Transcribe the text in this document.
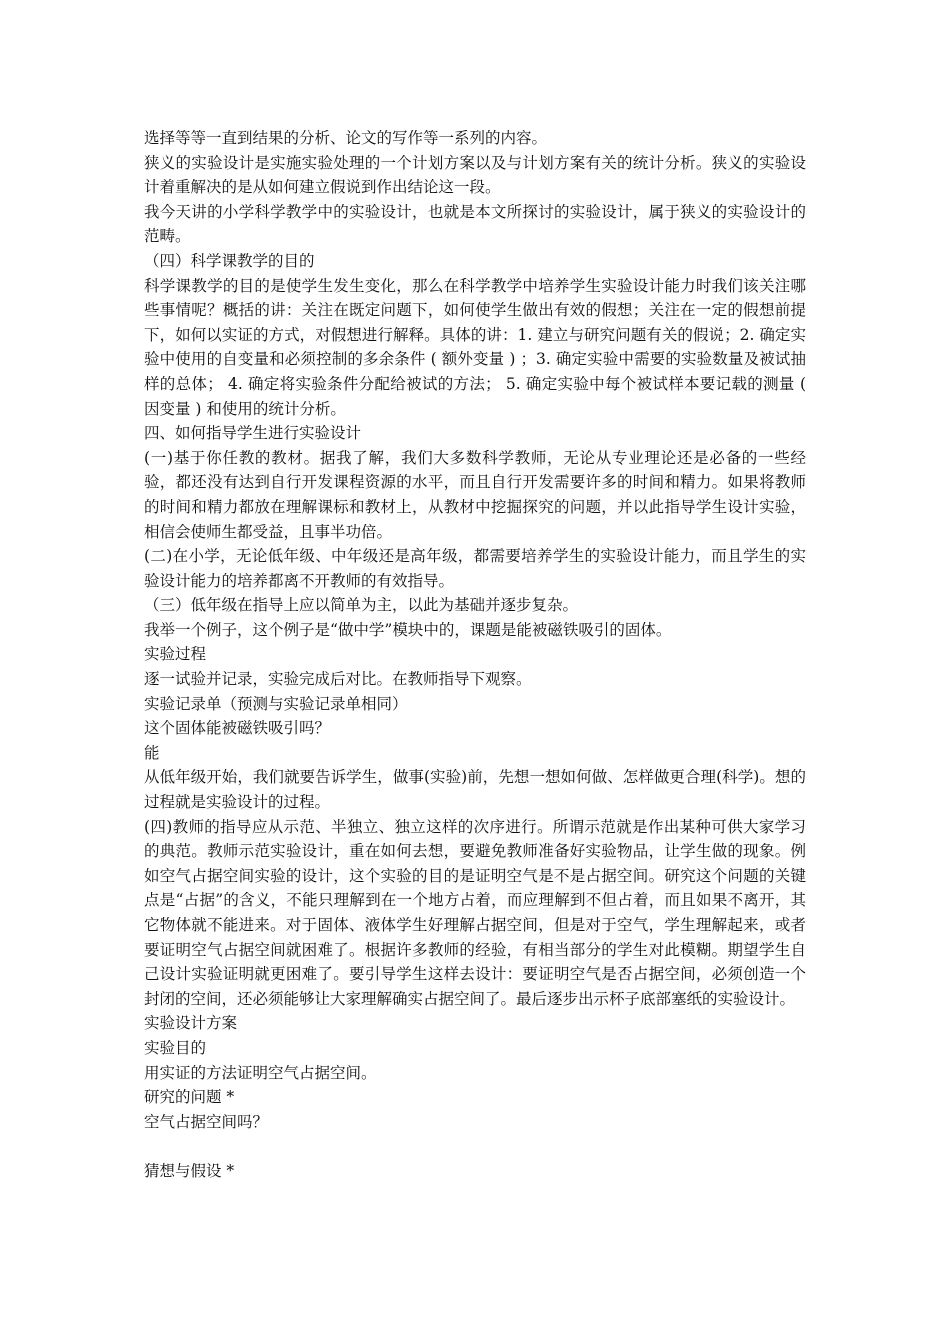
选择等等一直到结果的分析、论文的写作等一系列的内容。

狭义的实验设计是实施实验处理的一个计划方案以及与计划方案有关的统计分析。狭义的实验设计着重解决的是从如何建立假说到作出结论这一段。

我今天讲的小学科学教学中的实验设计，也就是本文所探讨的实验设计，属于狭义的实验设计的范畴。

（四）科学课教学的目的

科学课教学的目的是使学生发生变化，那么在科学教学中培养学生实验设计能力时我们该关注哪些事情呢？概括的讲：关注在既定问题下，如何使学生做出有效的假想；关注在一定的假想前提下，如何以实证的方式，对假想进行解释。具体的讲：1. 建立与研究问题有关的假说；2. 确定实验中使用的自变量和必须控制的多余条件 ( 额外变量 ) ；3. 确定实验中需要的实验数量及被试抽样的总体； 4. 确定将实验条件分配给被试的方法； 5. 确定实验中每个被试样本要记载的测量 ( 因变量 ) 和使用的统计分析。

四、如何指导学生进行实验设计

(一)基于你任教的教材。据我了解，我们大多数科学教师，无论从专业理论还是必备的一些经验，都还没有达到自行开发课程资源的水平，而且自行开发需要许多的时间和精力。如果将教师的时间和精力都放在理解课标和教材上，从教材中挖掘探究的问题，并以此指导学生设计实验，相信会使师生都受益，且事半功倍。

(二)在小学，无论低年级、中年级还是高年级，都需要培养学生的实验设计能力，而且学生的实验设计能力的培养都离不开教师的有效指导。

（三）低年级在指导上应以简单为主，以此为基础并逐步复杂。

我举一个例子，这个例子是“做中学”模块中的，课题是能被磁铁吸引的固体。

实验过程

逐一试验并记录，实验完成后对比。在教师指导下观察。

实验记录单（预测与实验记录单相同）

这个固体能被磁铁吸引吗？

能

从低年级开始，我们就要告诉学生，做事(实验)前，先想一想如何做、怎样做更合理(科学)。想的过程就是实验设计的过程。

(四)教师的指导应从示范、半独立、独立这样的次序进行。所谓示范就是作出某种可供大家学习的典范。教师示范实验设计，重在如何去想，要避免教师准备好实验物品，让学生做的现象。例如空气占据空间实验的设计，这个实验的目的是证明空气是不是占据空间。研究这个问题的关键点是“占据”的含义，不能只理解到在一个地方占着，而应理解到不但占着，而且如果不离开，其它物体就不能进来。对于固体、液体学生好理解占据空间，但是对于空气，学生理解起来，或者要证明空气占据空间就困难了。根据许多教师的经验，有相当部分的学生对此模糊。期望学生自己设计实验证明就更困难了。要引导学生这样去设计：要证明空气是否占据空间，必须创造一个封闭的空间，还必须能够让大家理解确实占据空间了。最后逐步出示杯子底部塞纸的实验设计。

实验设计方案

实验目的

用实证的方法证明空气占据空间。

研究的问题 *

空气占据空间吗？

猜想与假设 *
